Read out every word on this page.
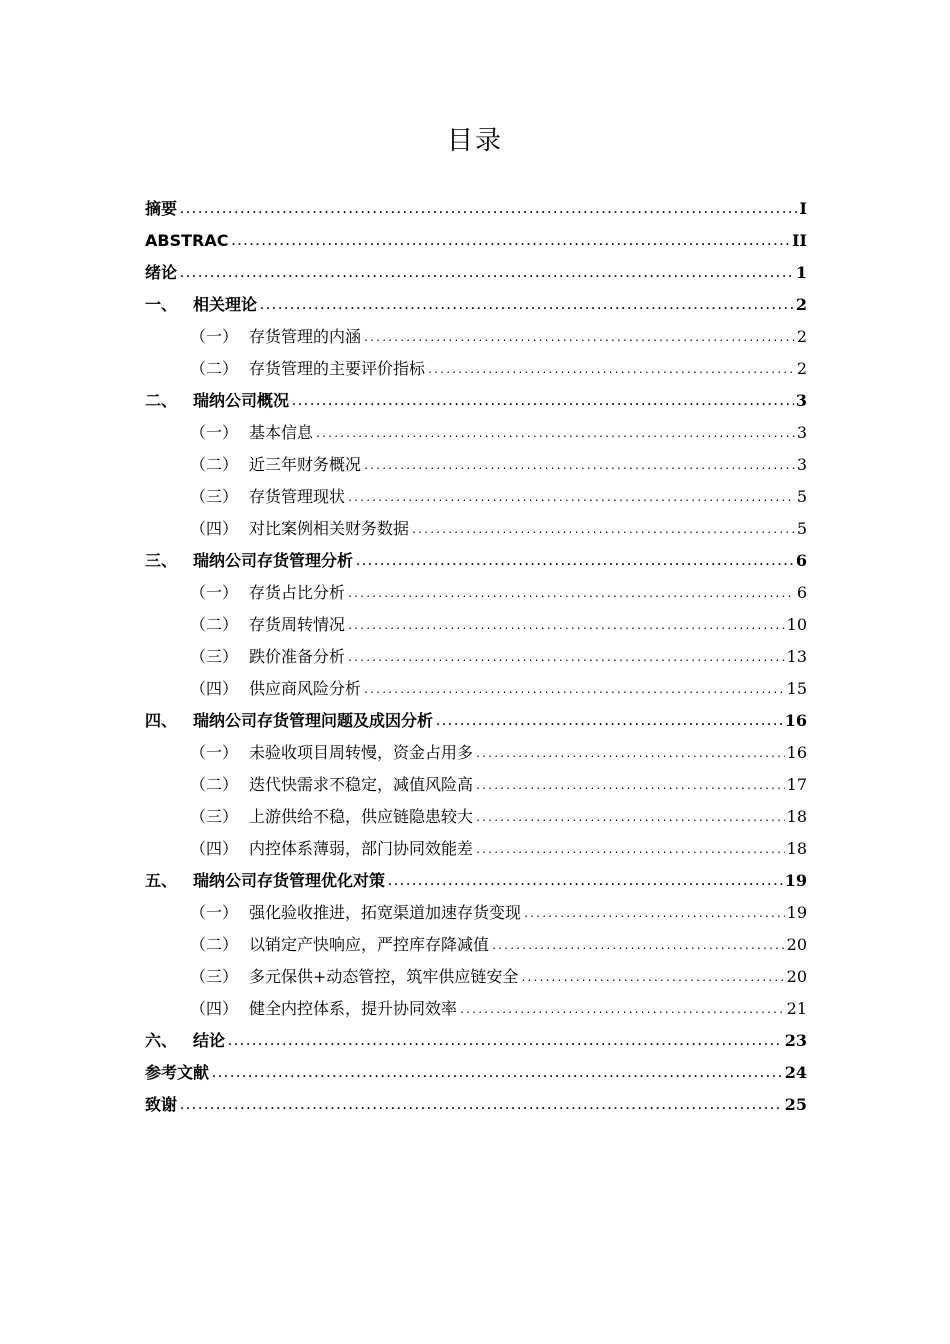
目录
摘要 .....	I
ABSTRAC .....	II
绪论 .....	1
一、 相关理论 .....	2
（一） 存货管理的内涵 .....	2
（二） 存货管理的主要评价指标 .....	2
二、 瑞纳公司概况 .....	3
（一） 基本信息 .....	3
（二） 近三年财务概况 .....	3
（三） 存货管理现状 .....	5
（四） 对比案例相关财务数据 .....	5
三、 瑞纳公司存货管理分析 .....	6
（一） 存货占比分析 .....	6
（二） 存货周转情况 .....	10
（三） 跌价准备分析 .....	13
（四） 供应商风险分析 .....	15
四、 瑞纳公司存货管理问题及成因分析 .....	16
（一） 未验收项目周转慢，资金占用多 .....	16
（二） 迭代快需求不稳定，减值风险高 .....	17
（三） 上游供给不稳，供应链隐患较大 .....	18
（四） 内控体系薄弱，部门协同效能差 .....	18
五、 瑞纳公司存货管理优化对策 .....	19
（一） 强化验收推进，拓宽渠道加速存货变现 .....	19
（二） 以销定产快响应，严控库存降减值 .....	20
（三） 多元保供+动态管控，筑牢供应链安全 .....	20
（四） 健全内控体系，提升协同效率 .....	21
六、 结论 .....	23
参考文献 .....	24
致谢 .....	25
